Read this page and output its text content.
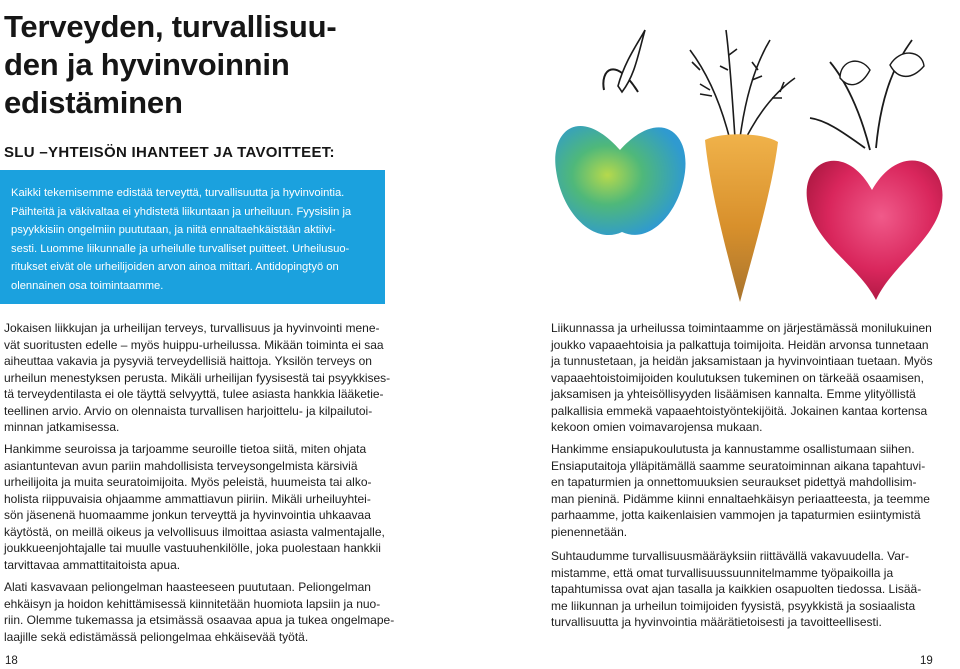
Terveyden, turvallisuu-
den ja hyvinvoinnin
edistäminen
SLU –YHTEISÖN IHANTEET JA TAVOITTEET:
Kaikki tekemisemme edistää terveyttä, turvallisuutta ja hyvinvointia.
Päihteitä ja väkivaltaa ei yhdistetä liikuntaan ja urheiluun. Fyysisiin ja
psyykkisiin ongelmiin puututaan, ja niitä ennaltaehkäistään aktiivi-
sesti. Luomme liikunnalle ja urheilulle turvalliset puitteet. Urheilusuo-
ritukset eivät ole urheilijoiden arvon ainoa mittari. Antidopingtyö on
olennainen osa toimintaamme.

Jokaisen liikkujan ja urheilijan terveys, turvallisuus ja hyvinvointi mene-
vät suoritusten edelle – myös huippu-urheilussa. Mikään toiminta ei saa
aiheuttaa vakavia ja pysyviä terveydellisiä haittoja. Yksilön terveys on
urheilun menestyksen perusta. Mikäli urheilijan fyysisestä tai psyykkises-
tä terveydentilasta ei ole täyttä selvyyttä, tulee asiasta hankkia lääketie-
teellinen arvio. Arvio on olennaista turvallisen harjoittelu- ja kilpailutoi-
minnan jatkamisessa.

Hankimme seuroissa ja tarjoamme seuroille tietoa siitä, miten ohjata
asiantuntevan avun pariin mahdollisista terveysongelmista kärsiviä
urheilijoita ja muita seuratoimijoita. Myös peleistä, huumeista tai alko-
holista riippuvaisia ohjaamme ammattiavun piiriin. Mikäli urheiluyhtei-
sön jäsenenä huomaamme jonkun terveyttä ja hyvinvointia uhkaavaa
käytöstä, on meillä oikeus ja velvollisuus ilmoittaa asiasta valmentajalle,
joukkueenjohtajalle tai muulle vastuuhenkilölle, joka puolestaan hankkii
tarvittavaa ammattitaitoista apua.

Alati kasvavaan peliongelman haasteeseen puututaan. Peliongelman
ehkäisyn ja hoidon kehittämisessä kiinnitetään huomiota lapsiin ja nuo-
riin. Olemme tukemassa ja etsimässä osaavaa apua ja tukea ongelmape-
laajille sekä edistämässä peliongelmaa ehkäisevää työtä.

Liikunnassa ja urheilussa toimintaamme on järjestämässä monilukuinen
joukko vapaaehtoisia ja palkattuja toimijoita. Heidän arvonsa tunnetaan
ja tunnustetaan, ja heidän jaksamistaan ja hyvinvointiaan tuetaan. Myös
vapaaehtoistoimijoiden koulutuksen tukeminen on tärkeää osaamisen,
jaksamisen ja yhteisöllisyyden lisäämisen kannalta. Emme ylityöllistä
palkallisia emmekä vapaaehtoistyöntekijöitä. Jokainen kantaa kortensa
kekoon omien voimavarojensa mukaan.

Hankimme ensiapukoulutusta ja kannustamme osallistumaan siihen.
Ensiaputaitoja ylläpitämällä saamme seuratoiminnan aikana tapahtuvi-
en tapaturmien ja onnettomuuksien seuraukset pidettyä mahdollisim-
man pieninä. Pidämme kiinni ennaltaehkäisyn periaatteesta, ja teemme
parhaamme, jotta kaikenlaisien vammojen ja tapaturmien esiintymistä
pienennetään.

Suhtaudumme turvallisuusmääräyksiin riittävällä vakavuudella. Var-
mistamme, että omat turvallisuussuunnitelmamme työpaikoilla ja
tapahtumissa ovat ajan tasalla ja kaikkien osapuolten tiedossa. Lisää-
me liikunnan ja urheilun toimijoiden fyysistä, psyykkistä ja sosiaalista
turvallisuutta ja hyvinvointia määrätietoisesti ja tavoitteellisesti.

18	19
